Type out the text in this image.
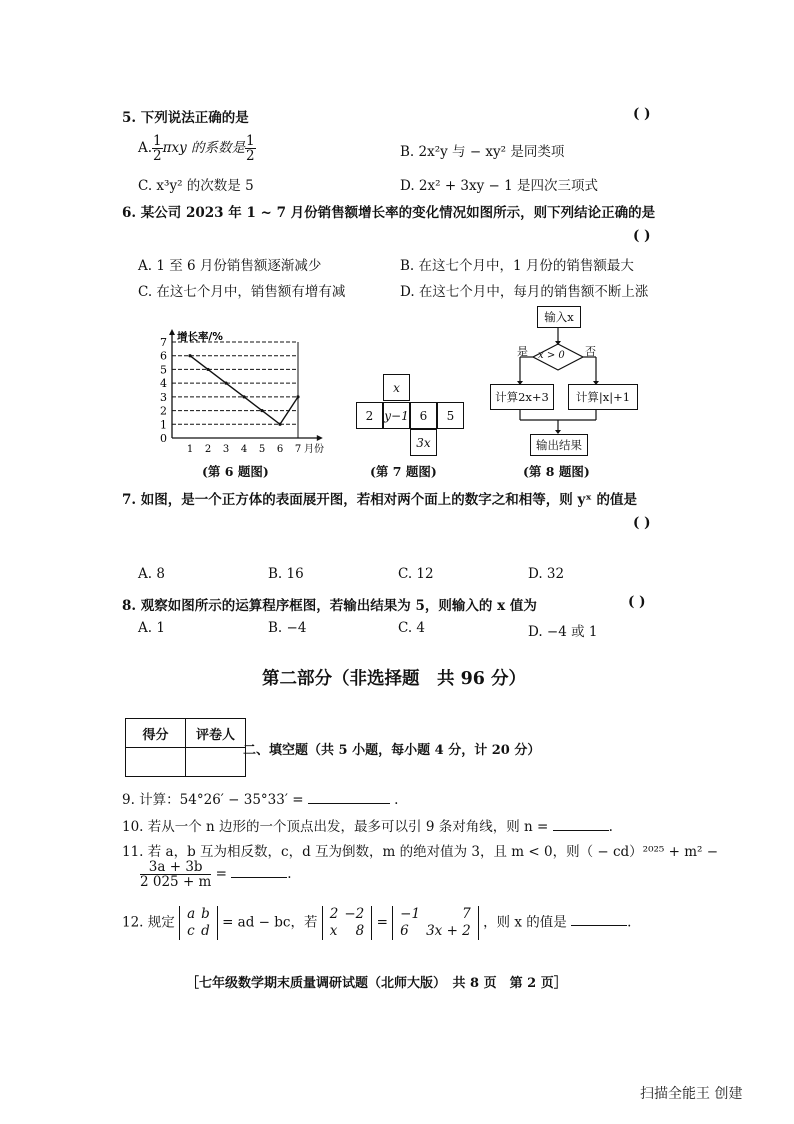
5. 下列说法正确的是	( )
A. $\frac{1}{2}$ πxy 的系数是 $\frac{1}{2}$	B. 2x²y 与 − xy² 是同类项
C. x³y² 的次数是 5	D. 2x² + 3xy − 1 是四次三项式
6. 某公司 2023 年 1 ~ 7 月份销售额增长率的变化情况如图所示，则下列结论正确的是
( )
A. 1 至 6 月份销售额逐渐减少	B. 在这七个月中，1 月份的销售额最大
C. 在这七个月中，销售额有增有减	D. 在这七个月中，每月的销售额不断上涨
0
1
2
3
4
5
6
7
1 2 3 4 5 6 7 月份
增长率/%
(第 6 题图)
x
2 y−1 6 5
3x
(第 7 题图)
输入x
x > 0
是	否
计算2x+3	计算|x|+1
输出结果
(第 8 题图)
7. 如图，是一个正方体的表面展开图，若相对两个面上的数字之和相等，则 yˣ 的值是
( )
A. 8	B. 16	C. 12	D. 32
8. 观察如图所示的运算程序框图，若输出结果为 5，则输入的 x 值为	( )
A. 1	B. −4	C. 4	D. −4 或 1
第二部分（非选择题　共 96 分）
得分	评卷人

二、填空题（共 5 小题，每小题 4 分，计 20 分）
9. 计算：54°26′ − 35°33′ =	.
10. 若从一个 n 边形的一个顶点出发，最多可以引 9 条对角线，则 n =	.
11. 若 a，b 互为相反数，c，d 互为倒数，m 的绝对值为 3，且 m < 0，则（ − cd）²⁰²⁵ + m² −
$\frac{3a + 3b}{2 025 + m}$ =	.
12. 规定
a	b
c	d
= ad − bc，若
2	−2
x	8
=
−1	7
6	3x + 2
，则 x 的值是	.
［七年级数学期末质量调研试题（北师大版）　共 8 页　第 2 页］
扫描全能王 创建
